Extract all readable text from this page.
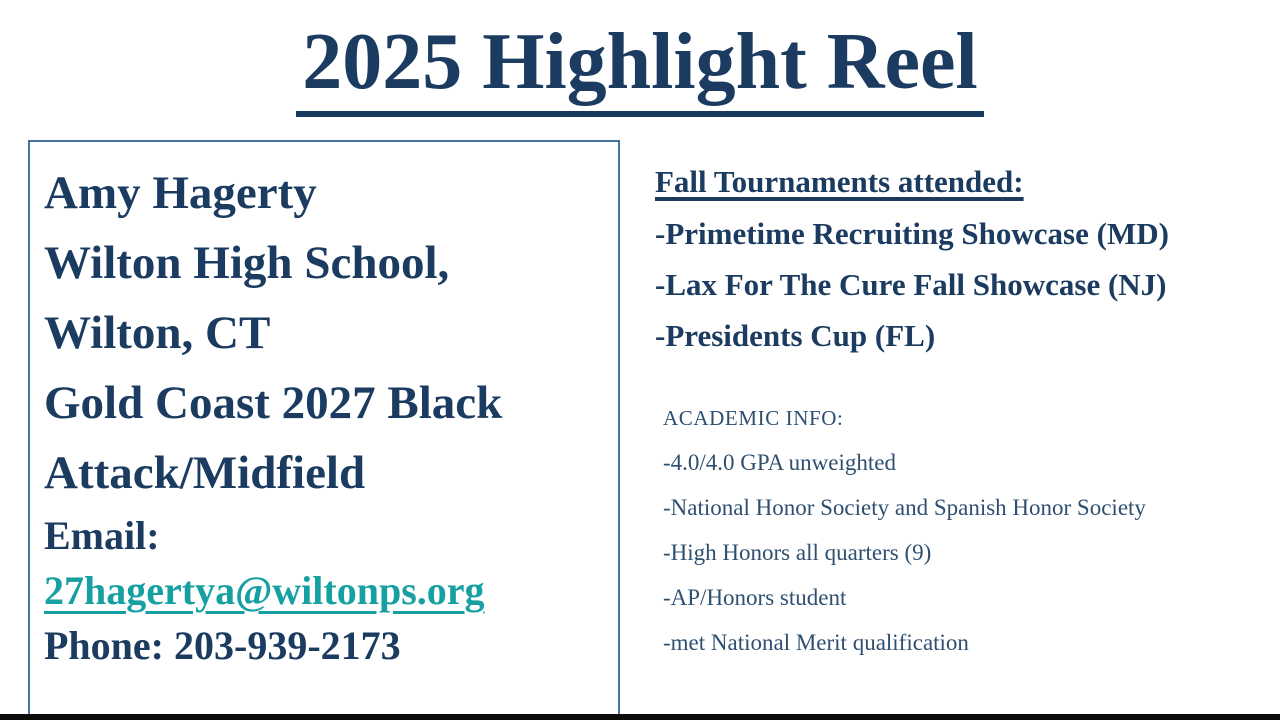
2025 Highlight Reel
Amy Hagerty
Wilton High School,
Wilton, CT
Gold Coast 2027 Black
Attack/Midfield
Email:
27hagertya@wiltonps.org
Phone: 203-939-2173
Fall Tournaments attended:
-Primetime Recruiting Showcase (MD)
-Lax For The Cure Fall Showcase (NJ)
-Presidents Cup (FL)
ACADEMIC INFO:
-4.0/4.0 GPA unweighted
-National Honor Society and Spanish Honor Society
-High Honors all quarters (9)
-AP/Honors student
-met National Merit qualification
